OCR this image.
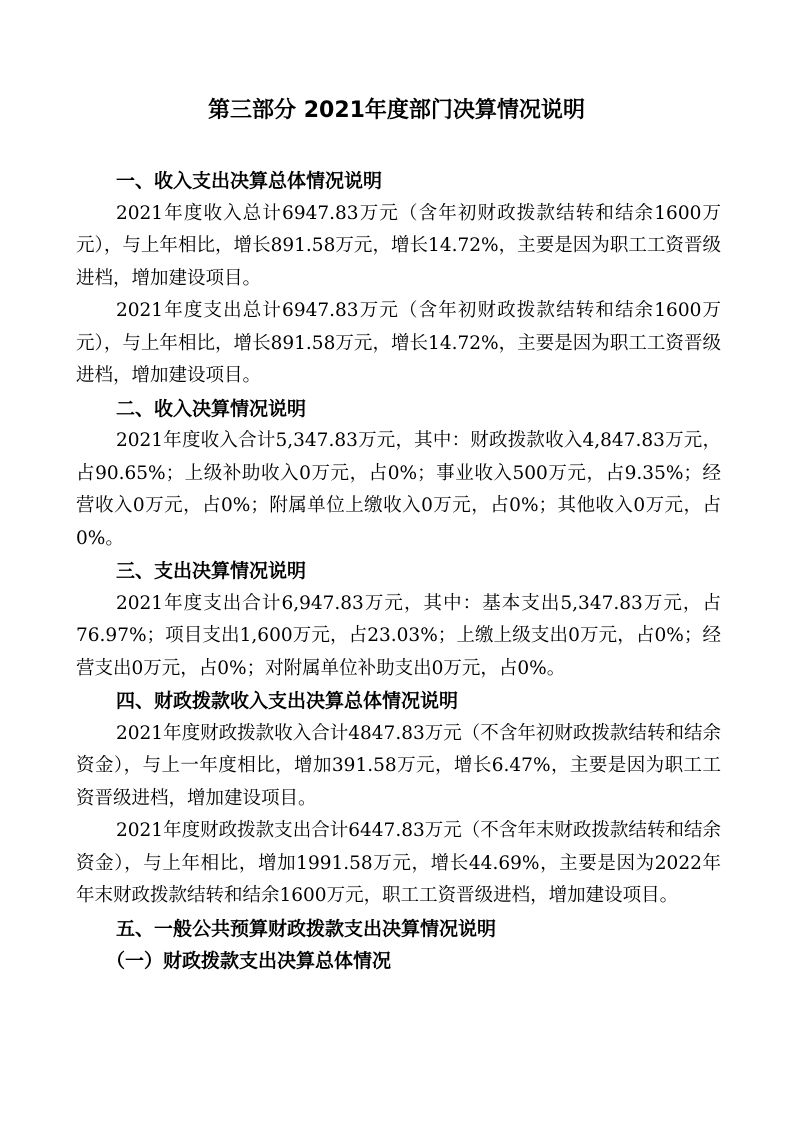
第三部分 2021年度部门决算情况说明

一、收入支出决算总体情况说明

2021年度收入总计6947.83万元（含年初财政拨款结转和结余1600万元），与上年相比，增长891.58万元，增长14.72%，主要是因为职工工资晋级进档，增加建设项目。

2021年度支出总计6947.83万元（含年初财政拨款结转和结余1600万元），与上年相比，增长891.58万元，增长14.72%，主要是因为职工工资晋级进档，增加建设项目。

二、收入决算情况说明

2021年度收入合计5,347.83万元，其中：财政拨款收入4,847.83万元，占90.65%；上级补助收入0万元，占0%；事业收入500万元，占9.35%；经营收入0万元，占0%；附属单位上缴收入0万元，占0%；其他收入0万元，占0%。

三、支出决算情况说明

2021年度支出合计6,947.83万元，其中：基本支出5,347.83万元，占76.97%；项目支出1,600万元，占23.03%；上缴上级支出0万元，占0%；经营支出0万元，占0%；对附属单位补助支出0万元，占0%。

四、财政拨款收入支出决算总体情况说明

2021年度财政拨款收入合计4847.83万元（不含年初财政拨款结转和结余资金），与上一年度相比，增加391.58万元，增长6.47%，主要是因为职工工资晋级进档，增加建设项目。

2021年度财政拨款支出合计6447.83万元（不含年末财政拨款结转和结余资金），与上年相比，增加1991.58万元，增长44.69%，主要是因为2022年年末财政拨款结转和结余1600万元，职工工资晋级进档，增加建设项目。

五、一般公共预算财政拨款支出决算情况说明

（一）财政拨款支出决算总体情况
